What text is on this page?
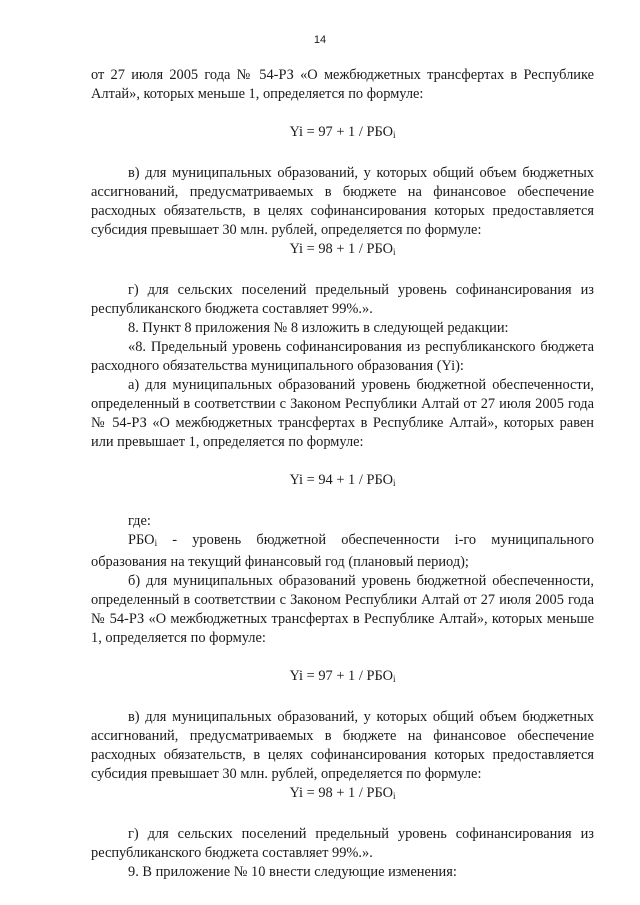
14

от 27 июля 2005 года № 54-РЗ «О межбюджетных трансфертах в Республике Алтай», которых меньше 1, определяется по формуле:

$Yi = 97 + 1 / РБО_i$

в) для муниципальных образований, у которых общий объем бюджетных ассигнований, предусматриваемых в бюджете на финансовое обеспечение расходных обязательств, в целях софинансирования которых предоставляется субсидия превышает 30 млн. рублей, определяется по формуле:

$Yi = 98 + 1 / РБО_i$

г) для сельских поселений предельный уровень софинансирования из республиканского бюджета составляет 99%.».

8. Пункт 8 приложения № 8 изложить в следующей редакции:

«8. Предельный уровень софинансирования из республиканского бюджета расходного обязательства муниципального образования (Yi):

а) для муниципальных образований уровень бюджетной обеспеченности, определенный в соответствии с Законом Республики Алтай от 27 июля 2005 года № 54-РЗ «О межбюджетных трансфертах в Республике Алтай», которых равен или превышает 1, определяется по формуле:

$Yi = 94 + 1 / РБО_i$

где:

$РБО_i$ - уровень бюджетной обеспеченности i-го муниципального образования на текущий финансовый год (плановый период);

б) для муниципальных образований уровень бюджетной обеспеченности, определенный в соответствии с Законом Республики Алтай от 27 июля 2005 года № 54-РЗ «О межбюджетных трансфертах в Республике Алтай», которых меньше 1, определяется по формуле:

$Yi = 97 + 1 / РБО_i$

в) для муниципальных образований, у которых общий объем бюджетных ассигнований, предусматриваемых в бюджете на финансовое обеспечение расходных обязательств, в целях софинансирования которых предоставляется субсидия превышает 30 млн. рублей, определяется по формуле:

$Yi = 98 + 1 / РБО_i$

г) для сельских поселений предельный уровень софинансирования из республиканского бюджета составляет 99%.».

9. В приложение № 10 внести следующие изменения:
